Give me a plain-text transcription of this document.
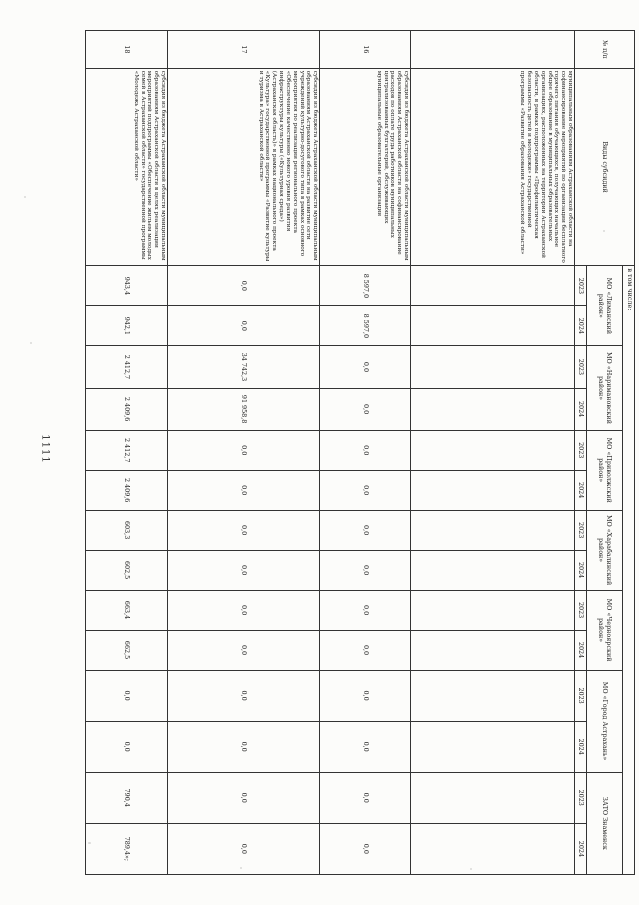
1111
№ п/п	Виды субсидий	в том числе:													
		МО «Лиманский район»		МО «Наримановский район»		МО «Приволжский район»		МО «Харабалинский район»		МО «Черноярский район»		МО «Город Астрахань»		ЗАТО Знаменск	
		2023	2024	2023	2024	2023	2024	2023	2024	2023	2024	2023	2024	2023	2024
	муниципальным образованиям Астраханской области на софинансирование мероприятий по организации бесплатного горячего питания обучающихся, получающих начальное общее образование в муниципальных образовательных организациях, расположенных на территории Астраханской области, в рамках подпрограммы «Профилактическая безопасность детей и молодежи» государственной программы «Развитие образования Астраханской области»														
16	субсидия из бюджета Астраханской области муниципальным образованиям Астраханской области на софинансирование расходов по оплате труда работников муниципальных централизованных бухгалтерий, обслуживающих муниципальные образовательные организации	8 597,0	8 597,0	0,0	0,0	0,0	0,0	0,0	0,0	0,0	0,0	0,0	0,0	0,0	0,0
17	субсидия из бюджета Астраханской области муниципальным образованиям Астраханской области на развитие сети учреждений культурно-досугового типа в рамках основного мероприятия по реализации регионального проекта «Обеспечение качественно нового уровня развития инфраструктуры культуры («Культурная среда») (Астраханская область)» в рамках национального проекта «Культура» государственной программы «Развитие культуры и туризма в Астраханской области»	0,0	0,0	34 742,3	91 958,8	0,0	0,0	0,0	0,0	0,0	0,0	0,0	0,0	0,0	0,0
18	субсидия из бюджета Астраханской области муниципальным образованиям Астраханской области в целях реализации мероприятий подпрограммы «Обеспечение жильем молодых семей в Астраханской области» государственной программы «Молодежь Астраханской области»	943,4	942,1	2 412,7	2 409,6	2 412,7	2 409,6	603,3	602,5	663,4	662,5	0,0	0,0	790,4	789,4»;
